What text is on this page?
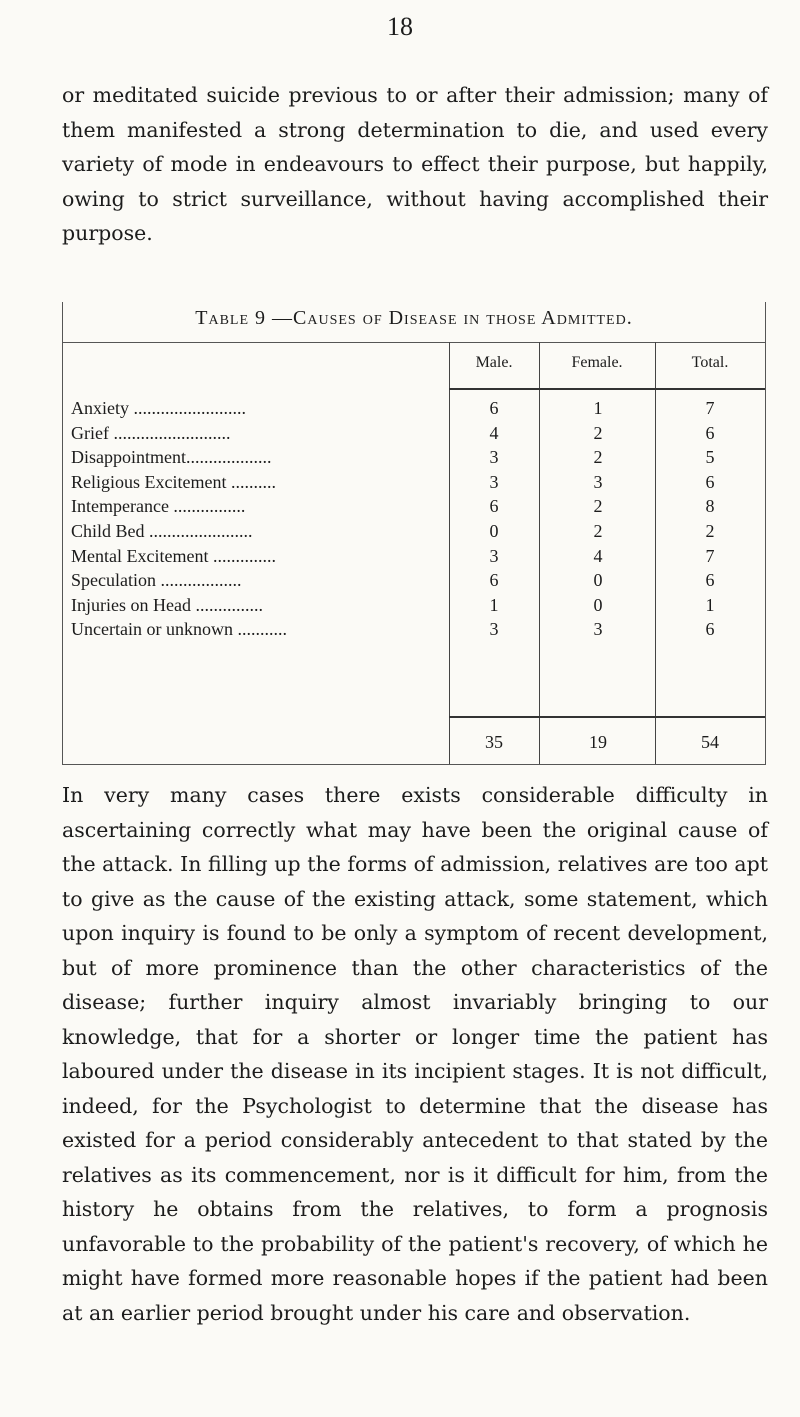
18

or meditated suicide previous to or after their admission; many of them manifested a strong determination to die, and used every variety of mode in endeavours to effect their purpose, but happily, owing to strict surveillance, without having accomplished their purpose.

Table 9 —Causes of Disease in those Admitted.
Male.	Female.	Total.
Anxiety .........................	6	1	7
Grief ..........................	4	2	6
Disappointment...................	3	2	5
Religious Excitement ..........	3	3	6
Intemperance ................	6	2	8
Child Bed .......................	0	2	2
Mental Excitement ..............	3	4	7
Speculation ..................	6	0	6
Injuries on Head ...............	1	0	1
Uncertain or unknown ...........	3	3	6
35	19	54

In very many cases there exists considerable difficulty in ascertaining correctly what may have been the original cause of the attack. In filling up the forms of admission, relatives are too apt to give as the cause of the existing attack, some statement, which upon inquiry is found to be only a symptom of recent development, but of more prominence than the other characteristics of the disease; further inquiry almost invariably bringing to our knowledge, that for a shorter or longer time the patient has laboured under the disease in its incipient stages. It is not difficult, indeed, for the Psychologist to determine that the disease has existed for a period considerably antecedent to that stated by the relatives as its commencement, nor is it difficult for him, from the history he obtains from the relatives, to form a prognosis unfavorable to the probability of the patient's recovery, of which he might have formed more reasonable hopes if the patient had been at an earlier period brought under his care and observation.
